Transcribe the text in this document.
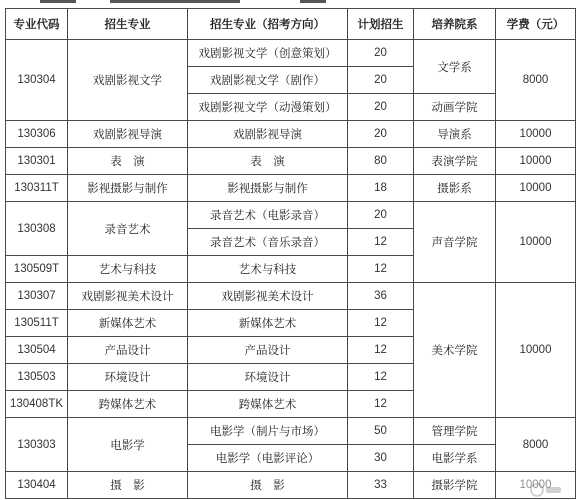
专业代码	招生专业	招生专业（招考方向）	计划招生	培养院系	学费（元）
130304	戏剧影视文学	戏剧影视文学（创意策划）	20	文学系	8000
		戏剧影视文学（剧作）	20		
		戏剧影视文学（动漫策划）	20	动画学院	
130306	戏剧影视导演	戏剧影视导演	20	导演系	10000
130301	表　演	表　演	80	表演学院	10000
130311T	影视摄影与制作	影视摄影与制作	18	摄影系	10000
130308	录音艺术	录音艺术（电影录音）	20	声音学院	10000
		录音艺术（音乐录音）	12		
130509T	艺术与科技	艺术与科技	12		
130307	戏剧影视美术设计	戏剧影视美术设计	36	美术学院	10000
130511T	新媒体艺术	新媒体艺术	12		
130504	产品设计	产品设计	12		
130503	环境设计	环境设计	12		
130408TK	跨媒体艺术	跨媒体艺术	12		
130303	电影学	电影学（制片与市场）	50	管理学院	8000
		电影学（电影评论）	30	电影学系	
130404	摄　影	摄　影	33	摄影学院	10000
